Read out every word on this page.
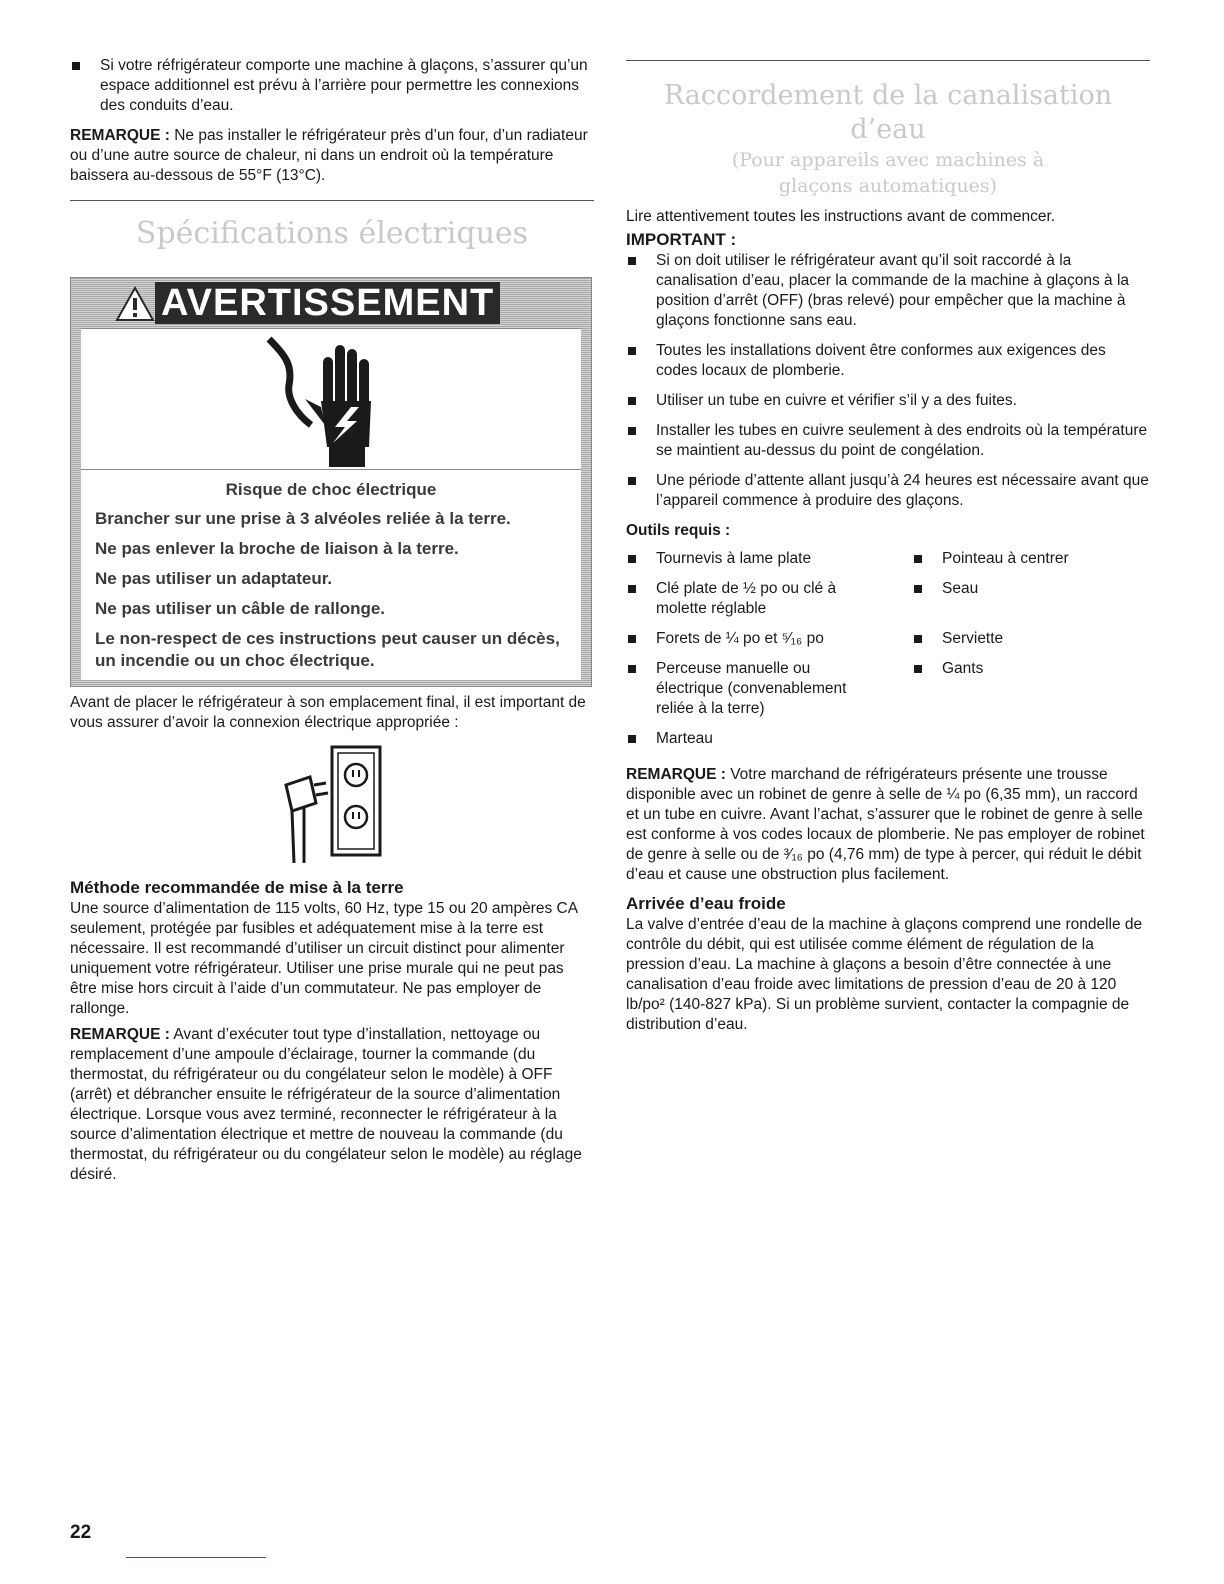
Si votre réfrigérateur comporte une machine à glaçons, s’assurer qu’un espace additionnel est prévu à l’arrière pour permettre les connexions des conduits d’eau.

REMARQUE : Ne pas installer le réfrigérateur près d’un four, d’un radiateur ou d’une autre source de chaleur, ni dans un endroit où la température baissera au-dessous de 55°F (13°C).

Spécifications électriques
AVERTISSEMENT
Risque de choc électrique
Brancher sur une prise à 3 alvéoles reliée à la terre.
Ne pas enlever la broche de liaison à la terre.
Ne pas utiliser un adaptateur.
Ne pas utiliser un câble de rallonge.
Le non-respect de ces instructions peut causer un décès, un incendie ou un choc électrique.

Avant de placer le réfrigérateur à son emplacement final, il est important de vous assurer d’avoir la connexion électrique appropriée :

Méthode recommandée de mise à la terre

Une source d’alimentation de 115 volts, 60 Hz, type 15 ou 20 ampères CA seulement, protégée par fusibles et adéquatement mise à la terre est nécessaire. Il est recommandé d’utiliser un circuit distinct pour alimenter uniquement votre réfrigérateur. Utiliser une prise murale qui ne peut pas être mise hors circuit à l’aide d’un commutateur. Ne pas employer de rallonge.

REMARQUE : Avant d’exécuter tout type d’installation, nettoyage ou remplacement d’une ampoule d’éclairage, tourner la commande (du thermostat, du réfrigérateur ou du congélateur selon le modèle) à OFF (arrêt) et débrancher ensuite le réfrigérateur de la source d’alimentation électrique. Lorsque vous avez terminé, reconnecter le réfrigérateur à la source d’alimentation électrique et mettre de nouveau la commande (du thermostat, du réfrigérateur ou du congélateur selon le modèle) au réglage désiré.

Raccordement de la canalisation d’eau
(Pour appareils avec machines à glaçons automatiques)

Lire attentivement toutes les instructions avant de commencer.

IMPORTANT :
Si on doit utiliser le réfrigérateur avant qu’il soit raccordé à la canalisation d’eau, placer la commande de la machine à glaçons à la position d’arrêt (OFF) (bras relevé) pour empêcher que la machine à glaçons fonctionne sans eau.
Toutes les installations doivent être conformes aux exigences des codes locaux de plomberie.
Utiliser un tube en cuivre et vérifier s’il y a des fuites.
Installer les tubes en cuivre seulement à des endroits où la température se maintient au-dessus du point de congélation.
Une période d’attente allant jusqu’à 24 heures est nécessaire avant que l’appareil commence à produire des glaçons.

Outils requis :

Tournevis à lame plate
Clé plate de ½ po ou clé à molette réglable
Forets de ¼ po et ⁵⁄₁₆ po
Perceuse manuelle ou électrique (convenablement reliée à la terre)
Marteau
Pointeau à centrer
Seau
Serviette
Gants

REMARQUE : Votre marchand de réfrigérateurs présente une trousse disponible avec un robinet de genre à selle de ¼ po (6,35 mm), un raccord et un tube en cuivre. Avant l’achat, s’assurer que le robinet de genre à selle est conforme à vos codes locaux de plomberie. Ne pas employer de robinet de genre à selle ou de ³⁄₁₆ po (4,76 mm) de type à percer, qui réduit le débit d’eau et cause une obstruction plus facilement.

Arrivée d’eau froide

La valve d’entrée d’eau de la machine à glaçons comprend une rondelle de contrôle du débit, qui est utilisée comme élément de régulation de la pression d’eau. La machine à glaçons a besoin d’être connectée à une canalisation d’eau froide avec limitations de pression d’eau de 20 à 120 lb/po² (140-827 kPa). Si un problème survient, contacter la compagnie de distribution d’eau.

22
